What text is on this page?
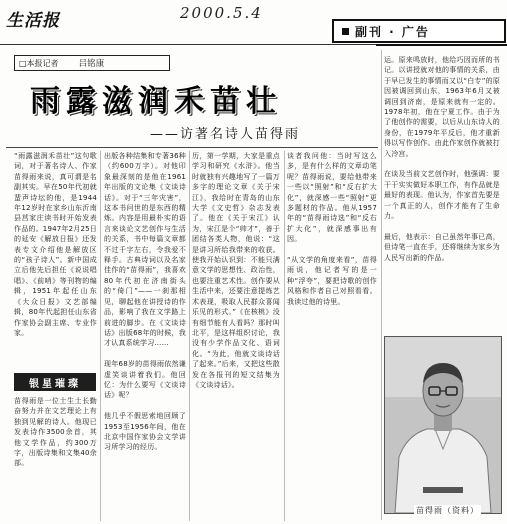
生活报	2000.5.4
副刊 · 广告
□本报记者 吕铭康
雨露滋润禾苗壮
——访著名诗人苗得雨
“雨露滋润禾苗壮”这句歌词，对于著名诗人、作家苗得雨来说，真可谓是名副其实。早在50年代初就蜚声诗坛的他，是1944年12岁时在家乡山东沂南县莒家庄读书时开始发表作品的。1947年2月25日的延安《解放日报》还发表专文介绍他是解放区的“孩子诗人”。新中国成立后他先后担任《说说唱唱》、《前哨》等刊物的编辑，1951年起任山东《大众日报》文艺部编辑，80年代起担任山东省作家协会副主席、专业作家。
银星璀璨
苗得雨是一位土生土长勤奋努力并在文艺理论上有独到见解的诗人。他现已发表诗作3500余首，其他文学作品，约300万字，出版诗集和文集40余部。
出版各种结集和专著36种（约600万字）。对他印象最深刻的是他在1961年出版的文论集《文谈诗话》。对于“三年灾害”，这本书问世的是东西的精炼。内容是用最朴实的语言来谈论文艺创作与生活的关系，书中每篇文章都不过千字左右，令我爱不释手。古典诗词以及名家佳作的“苗得雨”，我喜欢80年代初在济南街头的“倚门”——一刹那相见，聊起他在讲授诗的作品，影响了我在文学路上前进的脚步。在《文谈诗话》出版68年的时候，我才认真系统学习……

现年68岁的苗得雨依然谦虚笑谈讲着我们。他回忆：为什么要写《文谈诗话》呢？

他几乎不假思索地回顾了1953至1956年间，他在北京中国作家协会文学讲习所学习的经历。
历，第一学期，大家是重点学习和研究《水浒》。他当时就独有兴趣地写了一篇万多字的理论文章《关于宋江》，我给时在青岛的山东大学《文史哲》杂志发表了。他在《关于宋江》认为，宋江是个“帅才”，善于团结各类人物，他说：“这是讲习所给我带来的收获。使我开始认识到：不能只满意文学的思想性、政治性，也要注重艺术性。创作要从生活中来，还要注意提炼艺术表现，吸取人民群众喜闻乐见的形式。”《在核桃》没有细节能有人看吗？那时叫北平，是这样组织讨论，我没有少学作品文化、语词化。“为此，他就文谈诗话了起来。”后来，又把这些散发在各报刊的短文结集为《文谈诗话》。
谈者我问他：当时写这么多，是有什么样的文章动笔呢？苗得雨说，要给他带来一些以“照射”和“反右扩大化”，就深感一些“照射”更多题材的作品。他从1957年的“苗得雨诗选”和“反右扩大化”，就深感事出有因。

“从文学的角度来看”，苗得雨说，他记者写的是一种“浮夸”，要把诗歌的创作风格和作者自己对照看看。我读过他的诗里。
运。原来鸣放时，他给巧因而所的书记。以讲授就对他的事情的关系，由于早已发生的事情而又以“白专”的原因被调回到山东，1963年6月又被调回到济南，是原来就有一定的。1978年初，他在宁夏工作。由于为了他创作的需要，以后从山东诗人的身份，在1979年平反后，他才重新得以写作创作。由此作家创作就被打入冷宫。

在谈及当前文艺创作时，他强调：要干干实实做好本职工作，有作品就是最好的表现。他认为，作家首先要是一个真正的人，创作才能有了生命力。

最后，他表示：自己虽然年事已高，但诗笔一直在手，还将继续为家乡为人民写出新的作品。
苗得雨（资料）
